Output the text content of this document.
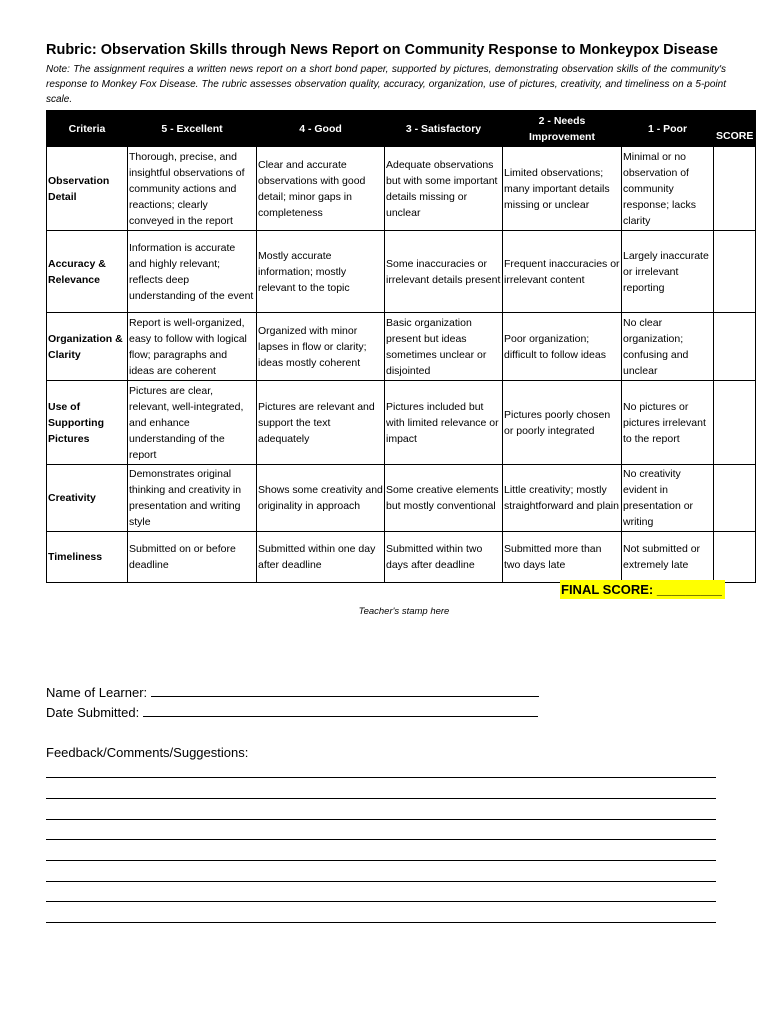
Rubric: Observation Skills through News Report on Community Response to Monkeypox Disease

Note: The assignment requires a written news report on a short bond paper, supported by pictures, demonstrating observation skills of the community's response to Monkey Fox Disease. The rubric assesses observation quality, accuracy, organization, use of pictures, creativity, and timeliness on a 5-point scale.

Criteria	5 - Excellent	4 - Good	3 - Satisfactory	2 - Needs Improvement	1 - Poor	SCORE
Observation Detail	Thorough, precise, and insightful observations of community actions and reactions; clearly conveyed in the report	Clear and accurate observations with good detail; minor gaps in completeness	Adequate observations but with some important details missing or unclear	Limited observations; many important details missing or unclear	Minimal or no observation of community response; lacks clarity	
Accuracy & Relevance	Information is accurate and highly relevant; reflects deep understanding of the event	Mostly accurate information; mostly relevant to the topic	Some inaccuracies or irrelevant details present	Frequent inaccuracies or irrelevant content	Largely inaccurate or irrelevant reporting	
Organization & Clarity	Report is well-organized, easy to follow with logical flow; paragraphs and ideas are coherent	Organized with minor lapses in flow or clarity; ideas mostly coherent	Basic organization present but ideas sometimes unclear or disjointed	Poor organization; difficult to follow ideas	No clear organization; confusing and unclear	
Use of Supporting Pictures	Pictures are clear, relevant, well-integrated, and enhance understanding of the report	Pictures are relevant and support the text adequately	Pictures included but with limited relevance or impact	Pictures poorly chosen or poorly integrated	No pictures or pictures irrelevant to the report	
Creativity	Demonstrates original thinking and creativity in presentation and writing style	Shows some creativity and originality in approach	Some creative elements but mostly conventional	Little creativity; mostly straightforward and plain	No creativity evident in presentation or writing	
Timeliness	Submitted on or before deadline	Submitted within one day after deadline	Submitted within two days after deadline	Submitted more than two days late	Not submitted or extremely late	
FINAL SCORE: _________
Teacher's stamp here
Name of Learner:
Date Submitted:
Feedback/Comments/Suggestions:
